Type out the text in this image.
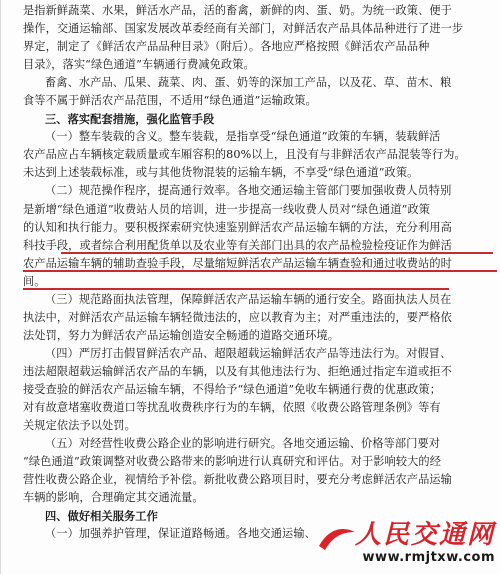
是指新鲜蔬菜、水果，鲜活水产品，活的畜禽，新鲜的肉、蛋、奶。为统一政策、便于

操作，交通运输部、国家发展改革委经商有关部门，对鲜活农产品具体品种进行了进一步

界定，制定了《鲜活农产品品种目录》（附后）。各地应严格按照《鲜活农产品品种

目录》，落实“绿色通道”车辆通行费减免政策。

畜禽、水产品、瓜果、蔬菜、肉、蛋、奶等的深加工产品，以及花、草、苗木、粮

食等不属于鲜活农产品范围，不适用“绿色通道”运输政策。

三、落实配套措施，强化监管手段

（一）整车装载的含义。整车装载，是指享受“绿色通道”政策的车辆，装载鲜活

农产品应占车辆核定载质量或车厢容积的80%以上，且没有与非鲜活农产品混装等行为。

未达到上述装载标准，或与其他货物混装的运输车辆，不享受“绿色通道”政策。

（二）规范操作程序，提高通行效率。各地交通运输主管部门要加强收费人员特别

是新增“绿色通道”收费站人员的培训，进一步提高一线收费人员对“绿色通道”政策

的认知和执行能力。要积极探索研究快速鉴别鲜活农产品运输车辆的方法，充分利用高

科技手段，或者综合利用配货单以及农业等有关部门出具的农产品检验检疫证作为鲜活

农产品运输车辆的辅助查验手段，尽量缩短鲜活农产品运输车辆查验和通过收费站的时

间。

（三）规范路面执法管理，保障鲜活农产品运输车辆的通行安全。路面执法人员在

执法中，对鲜活农产品运输车辆轻微违法的，应以教育为主；对严重违法的，要严格依

法处罚，努力为鲜活农产品运输创造安全畅通的道路交通环境。

（四）严厉打击假冒鲜活农产品、超限超载运输鲜活农产品等违法行为。对假冒、

违法超限超载运输鲜活农产品的车辆，以及有其他违法行为、拒绝通过指定车道或拒不

接受查验的鲜活农产品运输车辆，不得给予“绿色通道”免收车辆通行费的优惠政策；

对有故意堵塞收费道口等扰乱收费秩序行为的车辆，依照《收费公路管理条例》等有

关规定依法予以处罚。

（五）对经营性收费公路企业的影响进行研究。各地交通运输、价格等部门要对

“绿色通道”政策调整对收费公路带来的影响进行认真研究和评估。对于影响较大的经

营性收费公路企业，视情给予补偿。新批收费公路项目时，要充分考虑鲜活农产品运输

车辆的影响，合理确定其交通流量。

四、做好相关服务工作

（一）加强养护管理，保证道路畅通。各地交通运输、	人民交通网
www.rmjtxw.com
